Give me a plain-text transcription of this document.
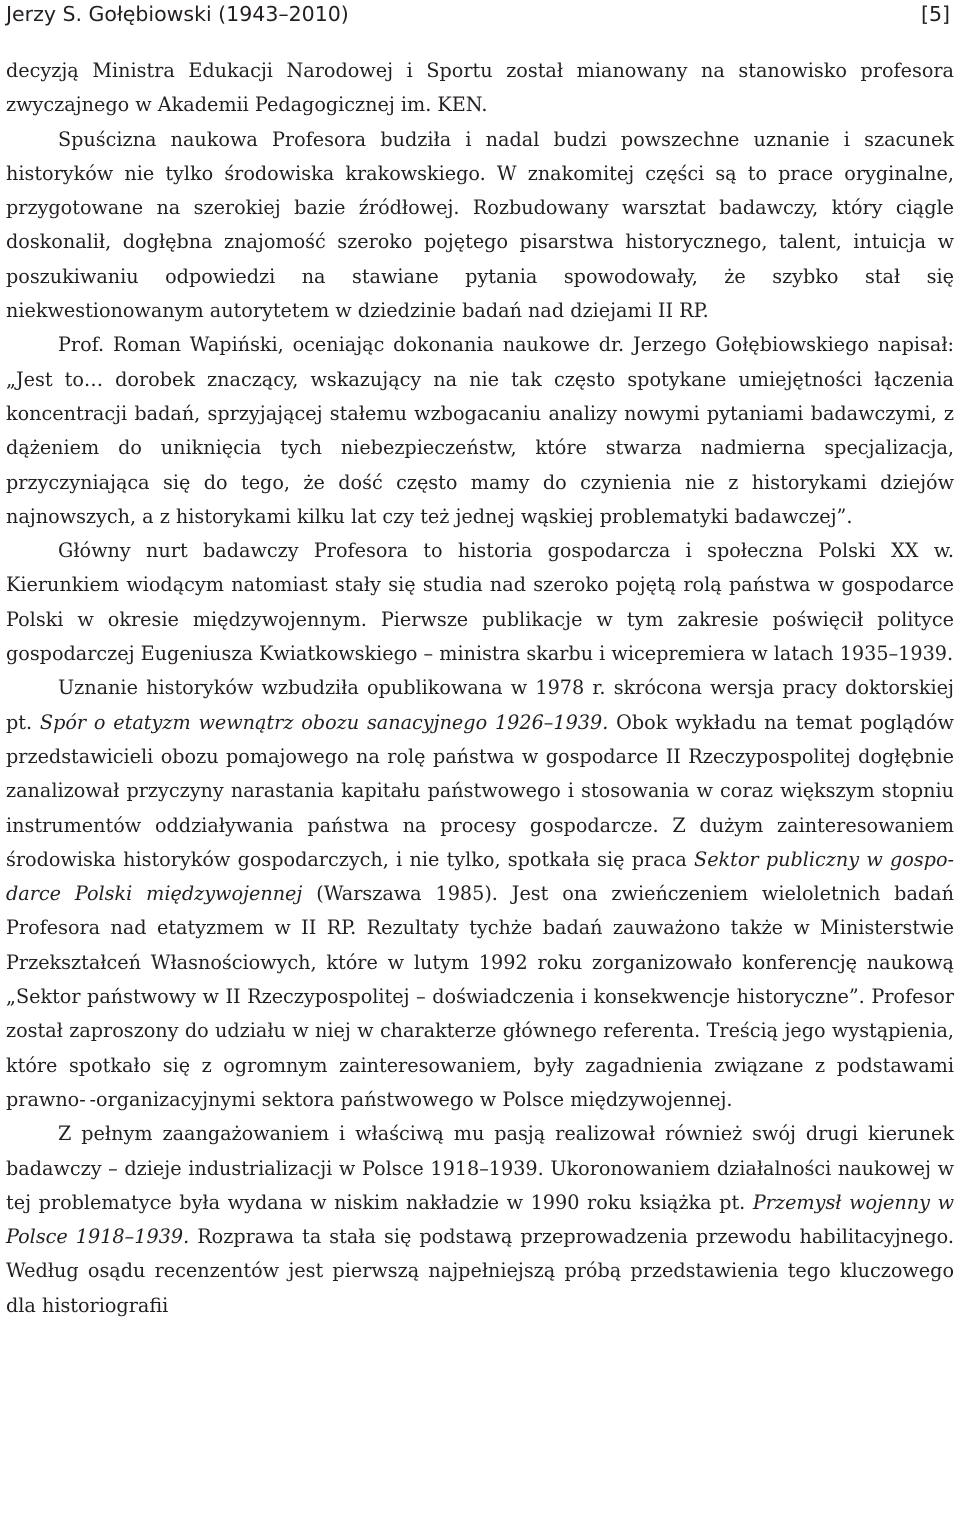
Jerzy S. Gołębiowski (1943–2010)	[5]

decyzją Ministra Edukacji Narodowej i Sportu został mianowany na stanowisko profesora zwyczajnego w Akademii Pedagogicznej im. KEN.

Spuścizna naukowa Profesora budziła i nadal budzi powszechne uznanie i szacunek historyków nie tylko środowiska krakowskiego. W znakomitej części są to prace oryginalne, przygotowane na szerokiej bazie źródłowej. Rozbudowany warsztat badawczy, który ciągle doskonalił, dogłębna znajomość szeroko pojętego pisarstwa historycznego, talent, intuicja w poszukiwaniu odpowiedzi na stawiane pytania spowodowały, że szybko stał się niekwestionowanym autorytetem w dziedzinie badań nad dziejami II RP.

Prof. Roman Wapiński, oceniając dokonania naukowe dr. Jerzego Gołębiowskiego napisał: „Jest to… dorobek znaczący, wskazujący na nie tak często spotykane umiejętności łączenia koncentracji badań, sprzyjającej stałemu wzbogacaniu analizy nowymi pytaniami badawczymi, z dążeniem do uniknięcia tych niebezpieczeństw, które stwarza nadmierna specjalizacja, przyczyniająca się do tego, że dość często mamy do czynienia nie z historykami dziejów najnowszych, a z historykami kilku lat czy też jednej wąskiej problematyki badawczej”.

Główny nurt badawczy Profesora to historia gospodarcza i społeczna Polski XX w. Kierunkiem wiodącym natomiast stały się studia nad szeroko pojętą rolą państwa w gospodarce Polski w okresie międzywojennym. Pierwsze publikacje w tym zakresie poświęcił polityce gospodarczej Eugeniusza Kwiatkowskiego – ministra skarbu i wicepremiera w latach 1935–1939.

Uznanie historyków wzbudziła opublikowana w 1978 r. skrócona wersja pracy doktorskiej pt. Spór o etatyzm wewnątrz obozu sanacyjnego 1926–1939. Obok wykładu na temat poglądów przedstawicieli obozu pomajowego na rolę państwa w gospodarce II Rzeczypospolitej dogłębnie zanalizował przyczyny narastania kapitału państwowego i stosowania w coraz większym stopniu instrumentów oddziaływania państwa na procesy gospodarcze. Z dużym zainteresowaniem środowiska historyków gospodarczych, i nie tylko, spotkała się praca Sektor publiczny w gospodarce Polski międzywojennej (Warszawa 1985). Jest ona zwieńczeniem wieloletnich badań Profesora nad etatyzmem w II RP. Rezultaty tychże badań zauważono także w Ministerstwie Przekształceń Własnościowych, które w lutym 1992 roku zorganizowało konferencję naukową „Sektor państwowy w II Rzeczypospolitej – doświadczenia i konsekwencje historyczne”. Profesor został zaproszony do udziału w niej w charakterze głównego referenta. Treścią jego wystąpienia, które spotkało się z ogromnym zainteresowaniem, były zagadnienia związane z podstawami prawno- -organizacyjnymi sektora państwowego w Polsce międzywojennej.

Z pełnym zaangażowaniem i właściwą mu pasją realizował również swój drugi kierunek badawczy – dzieje industrializacji w Polsce 1918–1939. Ukoronowaniem działalności naukowej w tej problematyce była wydana w niskim nakładzie w 1990 roku książka pt. Przemysł wojenny w Polsce 1918–1939. Rozprawa ta stała się podstawą przeprowadzenia przewodu habilitacyjnego. Według osądu recenzentów jest pierwszą najpełniejszą próbą przedstawienia tego kluczowego dla historiografii
